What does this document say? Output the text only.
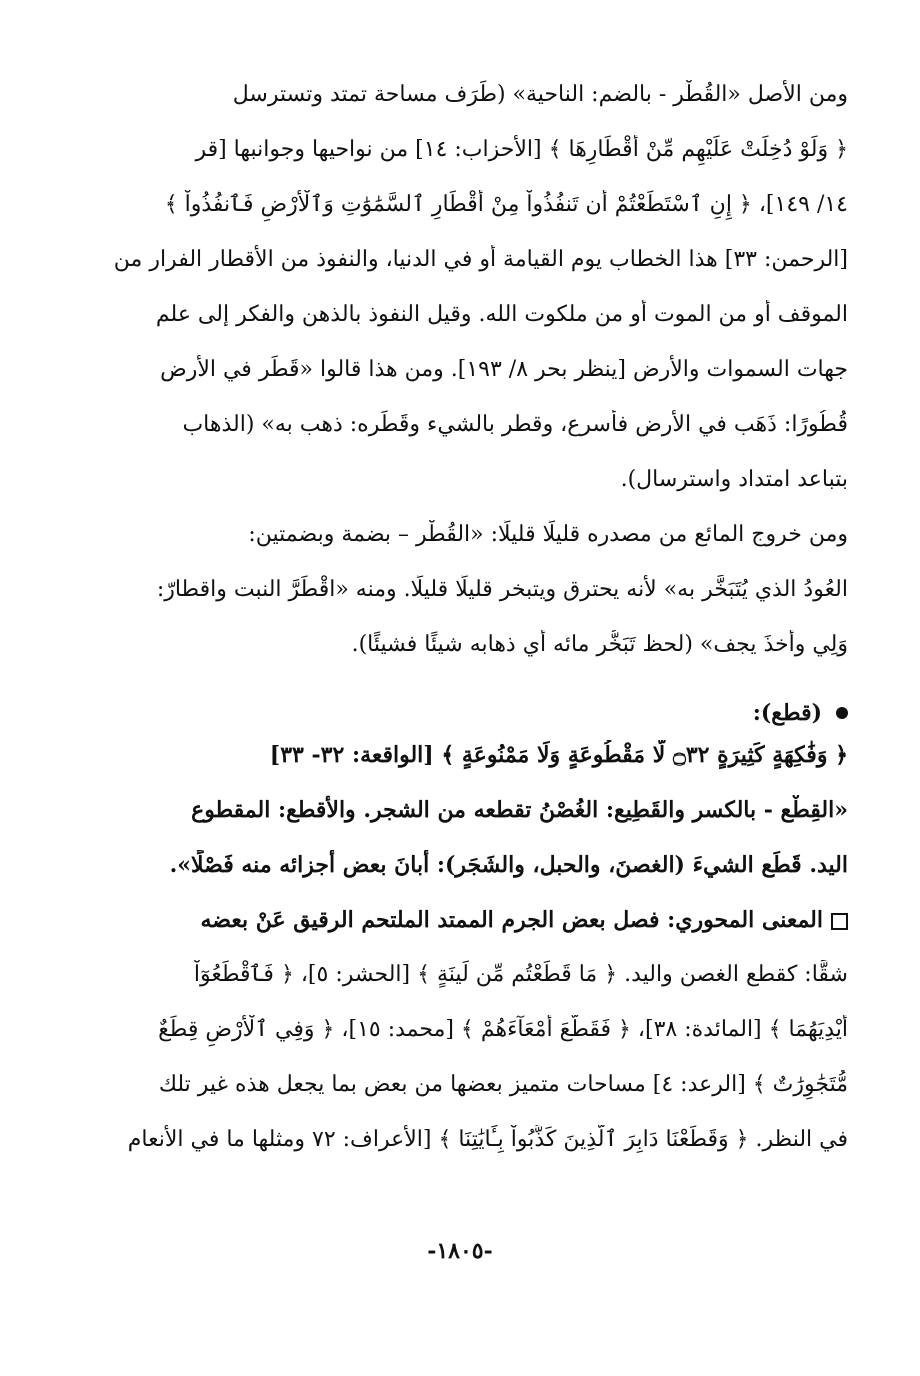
ومن الأصل «القُطْر - بالضم: الناحية» (طَرَف مساحة تمتد وتسترسل
﴿ وَلَوْ دُخِلَتْ عَلَيْهِم مِّنْ أَقْطَارِهَا ﴾ [الأحزاب: ١٤] من نواحيها وجوانبها [قر
١٤/ ١٤٩]، ﴿ إِنِ ٱسْتَطَعْتُمْ أَن تَنفُذُواْ مِنْ أَقْطَارِ ٱلسَّمَٰوَٰتِ وَٱلْأَرْضِ فَٱنفُذُواْ ﴾
[الرحمن: ٣٣] هذا الخطاب يوم القيامة أو في الدنيا، والنفوذ من الأقطار الفرار من
الموقف أو من الموت أو من ملكوت الله. وقيل النفوذ بالذهن والفكر إلى علم
جهات السموات والأرض [ينظر بحر ٨/ ١٩٣]. ومن هذا قالوا «قَطَر في الأرض
قُطُورًا: ذَهَب في الأرض فأسرع، وقطر بالشيء وقَطَره: ذهب به» (الذهاب
بتباعد امتداد واسترسال).
ومن خروج المائع من مصدره قليلًا قليلًا: «القُطْر – بضمة وبضمتين:
العُودُ الذي يُتَبَخَّر به» لأنه يحترق ويتبخر قليلًا قليلًا. ومنه «اقْطَرَّ النبت واقطارّ:
وَلِي وأخذَ يجف» (لحظ تَبَخُّر مائه أي ذهابه شيئًا فشيئًا).
(قطع):
﴿ وَفَٰكِهَةٍ كَثِيرَةٍ ۝٣٢ لَّا مَقْطُوعَةٍ وَلَا مَمْنُوعَةٍ ﴾ [الواقعة: ٣٢- ٣٣]
«القِطْع - بالكسر والقَطِيع: الغُصْنُ تقطعه من الشجر. والأقطع: المقطوع
اليد. قَطَع الشيءَ (الغصنَ، والحبل، والشَجَر): أبانَ بعض أجزائه منه فَصْلًا».
المعنى المحوري: فصل بعض الجرم الممتد الملتحم الرقيق عَنْ بعضه
شقًّا: كقطع الغصن واليد. ﴿ مَا قَطَعْتُم مِّن لِّينَةٍ ﴾ [الحشر: ٥]، ﴿ فَٱقْطَعُوٓاْ
أَيْدِيَهُمَا ﴾ [المائدة: ٣٨]، ﴿ فَقَطَّعَ أَمْعَآءَهُمْ ﴾ [محمد: ١٥]، ﴿ وَفِي ٱلْأَرْضِ قِطَعٌ
مُّتَجَٰوِرَٰتٌ ﴾ [الرعد: ٤] مساحات متميز بعضها من بعض بما يجعل هذه غير تلك
في النظر. ﴿ وَقَطَعْنَا دَابِرَ ٱلَّذِينَ كَذَّبُواْ بِـَٔايَٰتِنَا ﴾ [الأعراف: ٧٢ ومثلها ما في الأنعام
-١٨٠٥-
